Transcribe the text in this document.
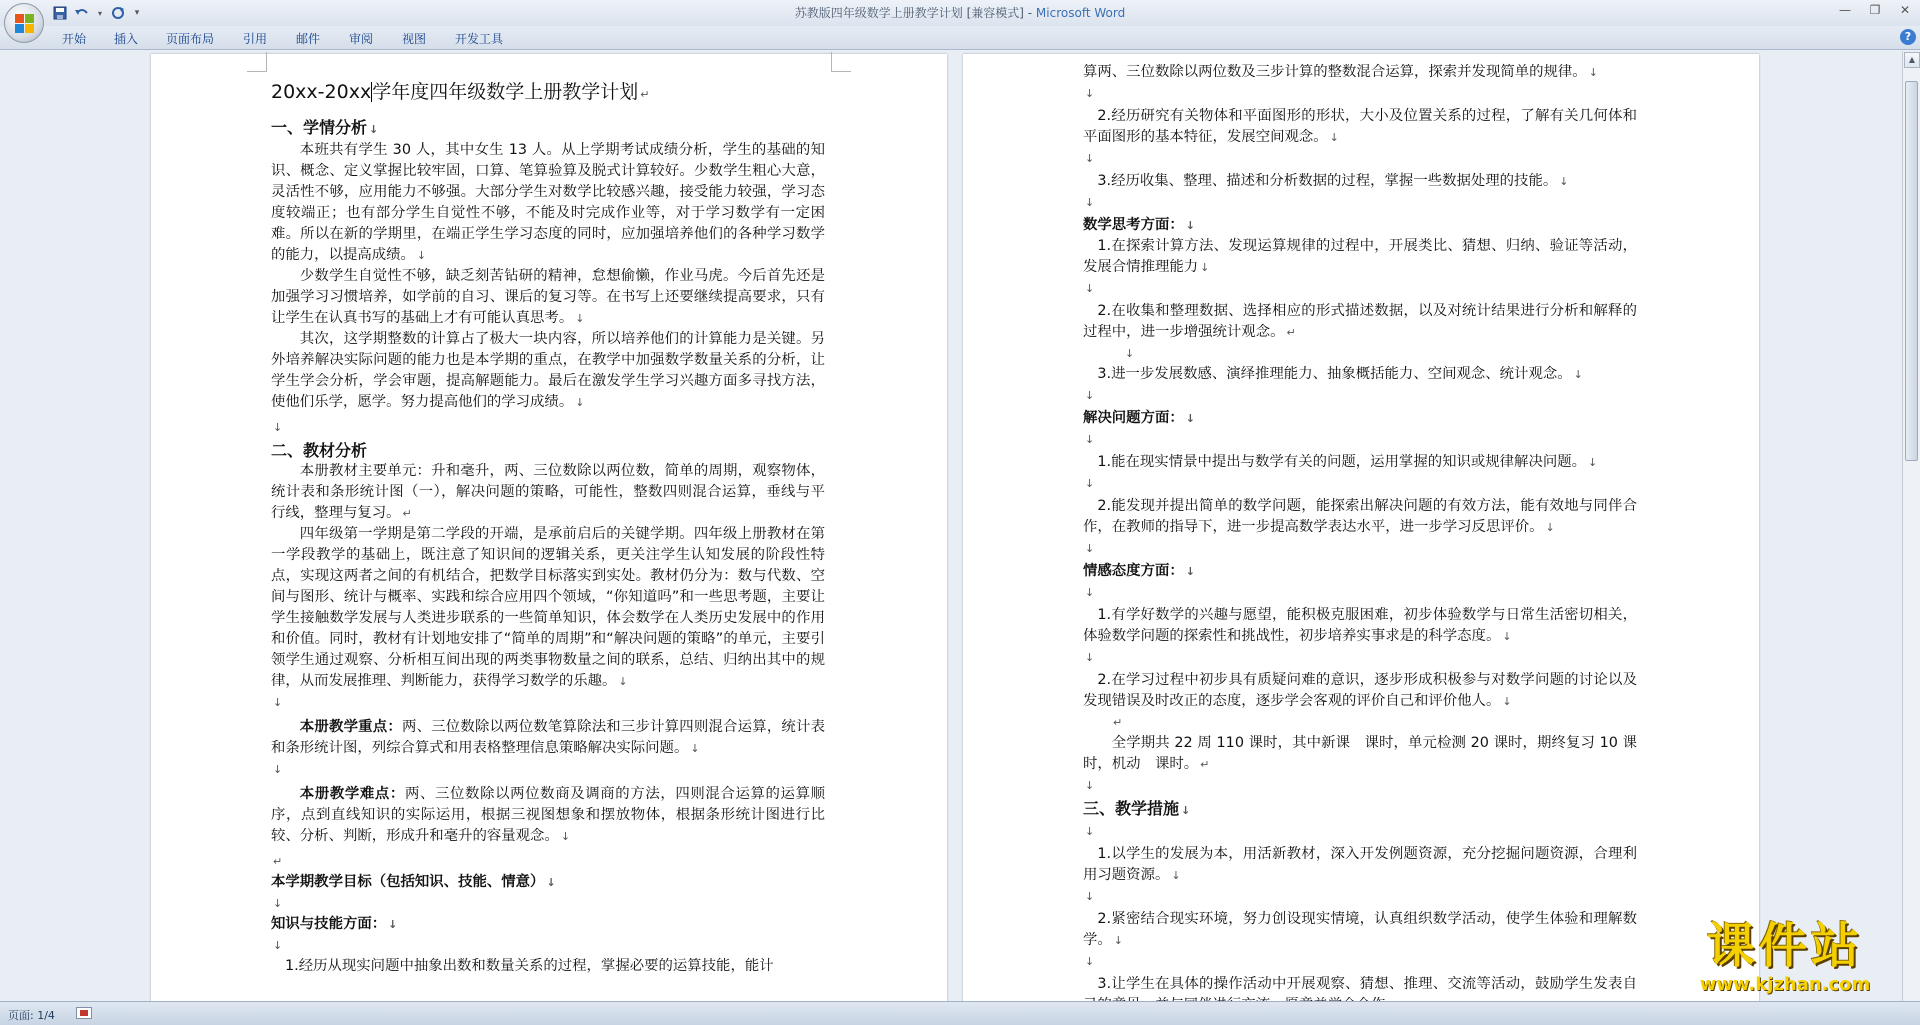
▾	▾	苏教版四年级数学上册教学计划 [兼容模式] - Microsoft Word	—	❐	✕
开始 插入 页面布局 引用 邮件 审阅 视图 开发工具	?
20xx-20xx学年度四年级数学上册教学计划 ↵

一、学情分析 ↓

本班共有学生 30 人，其中女生 13 人。从上学期考试成绩分析，学生的基础的知识、概念、定义掌握比较牢固，口算、笔算验算及脱式计算较好。少数学生粗心大意，灵活性不够，应用能力不够强。大部分学生对数学比较感兴趣，接受能力较强，学习态度较端正；也有部分学生自觉性不够，不能及时完成作业等，对于学习数学有一定困难。所以在新的学期里，在端正学生学习态度的同时，应加强培养他们的各种学习数学的能力，以提高成绩。 ↓

少数学生自觉性不够，缺乏刻苦钻研的精神，怠想偷懒，作业马虎。今后首先还是加强学习习惯培养，如学前的自习、课后的复习等。在书写上还要继续提高要求，只有让学生在认真书写的基础上才有可能认真思考。 ↓

其次，这学期整数的计算占了极大一块内容，所以培养他们的计算能力是关键。另外培养解决实际问题的能力也是本学期的重点，在教学中加强数学数量关系的分析，让学生学会分析，学会审题，提高解题能力。最后在激发学生学习兴趣方面多寻找方法，使他们乐学，愿学。努力提高他们的学习成绩。 ↓

↓

二、教材分析

本册教材主要单元：升和毫升，两、三位数除以两位数，简单的周期，观察物体，统计表和条形统计图（一），解决问题的策略，可能性，整数四则混合运算，垂线与平行线，整理与复习。 ↵

四年级第一学期是第二学段的开端，是承前启后的关键学期。四年级上册教材在第一学段教学的基础上，既注意了知识间的逻辑关系，更关注学生认知发展的阶段性特点，实现这两者之间的有机结合，把数学目标落实到实处。教材仍分为：数与代数、空间与图形、统计与概率、实践和综合应用四个领域，“你知道吗”和一些思考题，主要让学生接触数学发展与人类进步联系的一些简单知识，体会数学在人类历史发展中的作用和价值。同时，教材有计划地安排了“简单的周期”和“解决问题的策略”的单元，主要引领学生通过观察、分析相互间出现的两类事物数量之间的联系，总结、归纳出其中的规律，从而发展推理、判断能力，获得学习数学的乐趣。 ↓

↓

本册教学重点：两、三位数除以两位数笔算除法和三步计算四则混合运算，统计表和条形统计图，列综合算式和用表格整理信息策略解决实际问题。 ↓

↓

本册教学难点：两、三位数除以两位数商及调商的方法，四则混合运算的运算顺序，点到直线知识的实际运用，根据三视图想象和摆放物体，根据条形统计图进行比较、分析、判断，形成升和毫升的容量观念。 ↓

↵

本学期教学目标（包括知识、技能、情意） ↓

↓

知识与技能方面： ↓

↓

1.经历从现实问题中抽象出数和数量关系的过程，掌握必要的运算技能，能计

算两、三位数除以两位数及三步计算的整数混合运算，探索并发现简单的规律。 ↓

↓

2.经历研究有关物体和平面图形的形状，大小及位置关系的过程，了解有关几何体和平面图形的基本特征，发展空间观念。 ↓

↓

3.经历收集、整理、描述和分析数据的过程，掌握一些数据处理的技能。 ↓

↓

数学思考方面： ↓

1.在探索计算方法、发现运算规律的过程中，开展类比、猜想、归纳、验证等活动，发展合情推理能力 ↓

↓

2.在收集和整理数据、选择相应的形式描述数据，以及对统计结果进行分析和解释的过程中，进一步增强统计观念。 ↵

↓

3.进一步发展数感、演绎推理能力、抽象概括能力、空间观念、统计观念。 ↓

↓

解决问题方面： ↓

↓

1.能在现实情景中提出与数学有关的问题，运用掌握的知识或规律解决问题。 ↓

↓

2.能发现并提出简单的数学问题，能探索出解决问题的有效方法，能有效地与同伴合作，在教师的指导下，进一步提高数学表达水平，进一步学习反思评价。 ↓

↓

情感态度方面： ↓

↓

1.有学好数学的兴趣与愿望，能积极克服困难，初步体验数学与日常生活密切相关，体验数学问题的探索性和挑战性，初步培养实事求是的科学态度。 ↓

↓

2.在学习过程中初步具有质疑问难的意识，逐步形成积极参与对数学问题的讨论以及发现错误及时改正的态度，逐步学会客观的评价自己和评价他人。 ↓

↵

全学期共 22 周 110 课时，其中新课　课时，单元检测 20 课时，期终复习 10 课时，机动　课时。 ↵

↓

三、教学措施 ↓

↓

1.以学生的发展为本，用活新教材，深入开发例题资源，充分挖掘问题资源，合理利用习题资源。 ↓

↓

2.紧密结合现实环境，努力创设现实情境，认真组织数学活动，使学生体验和理解数学。 ↓

↓

3.让学生在具体的操作活动中开展观察、猜想、推理、交流等活动，鼓励学生发表自

▲
页面: 1/4
课件站
www.kjzhan.com
